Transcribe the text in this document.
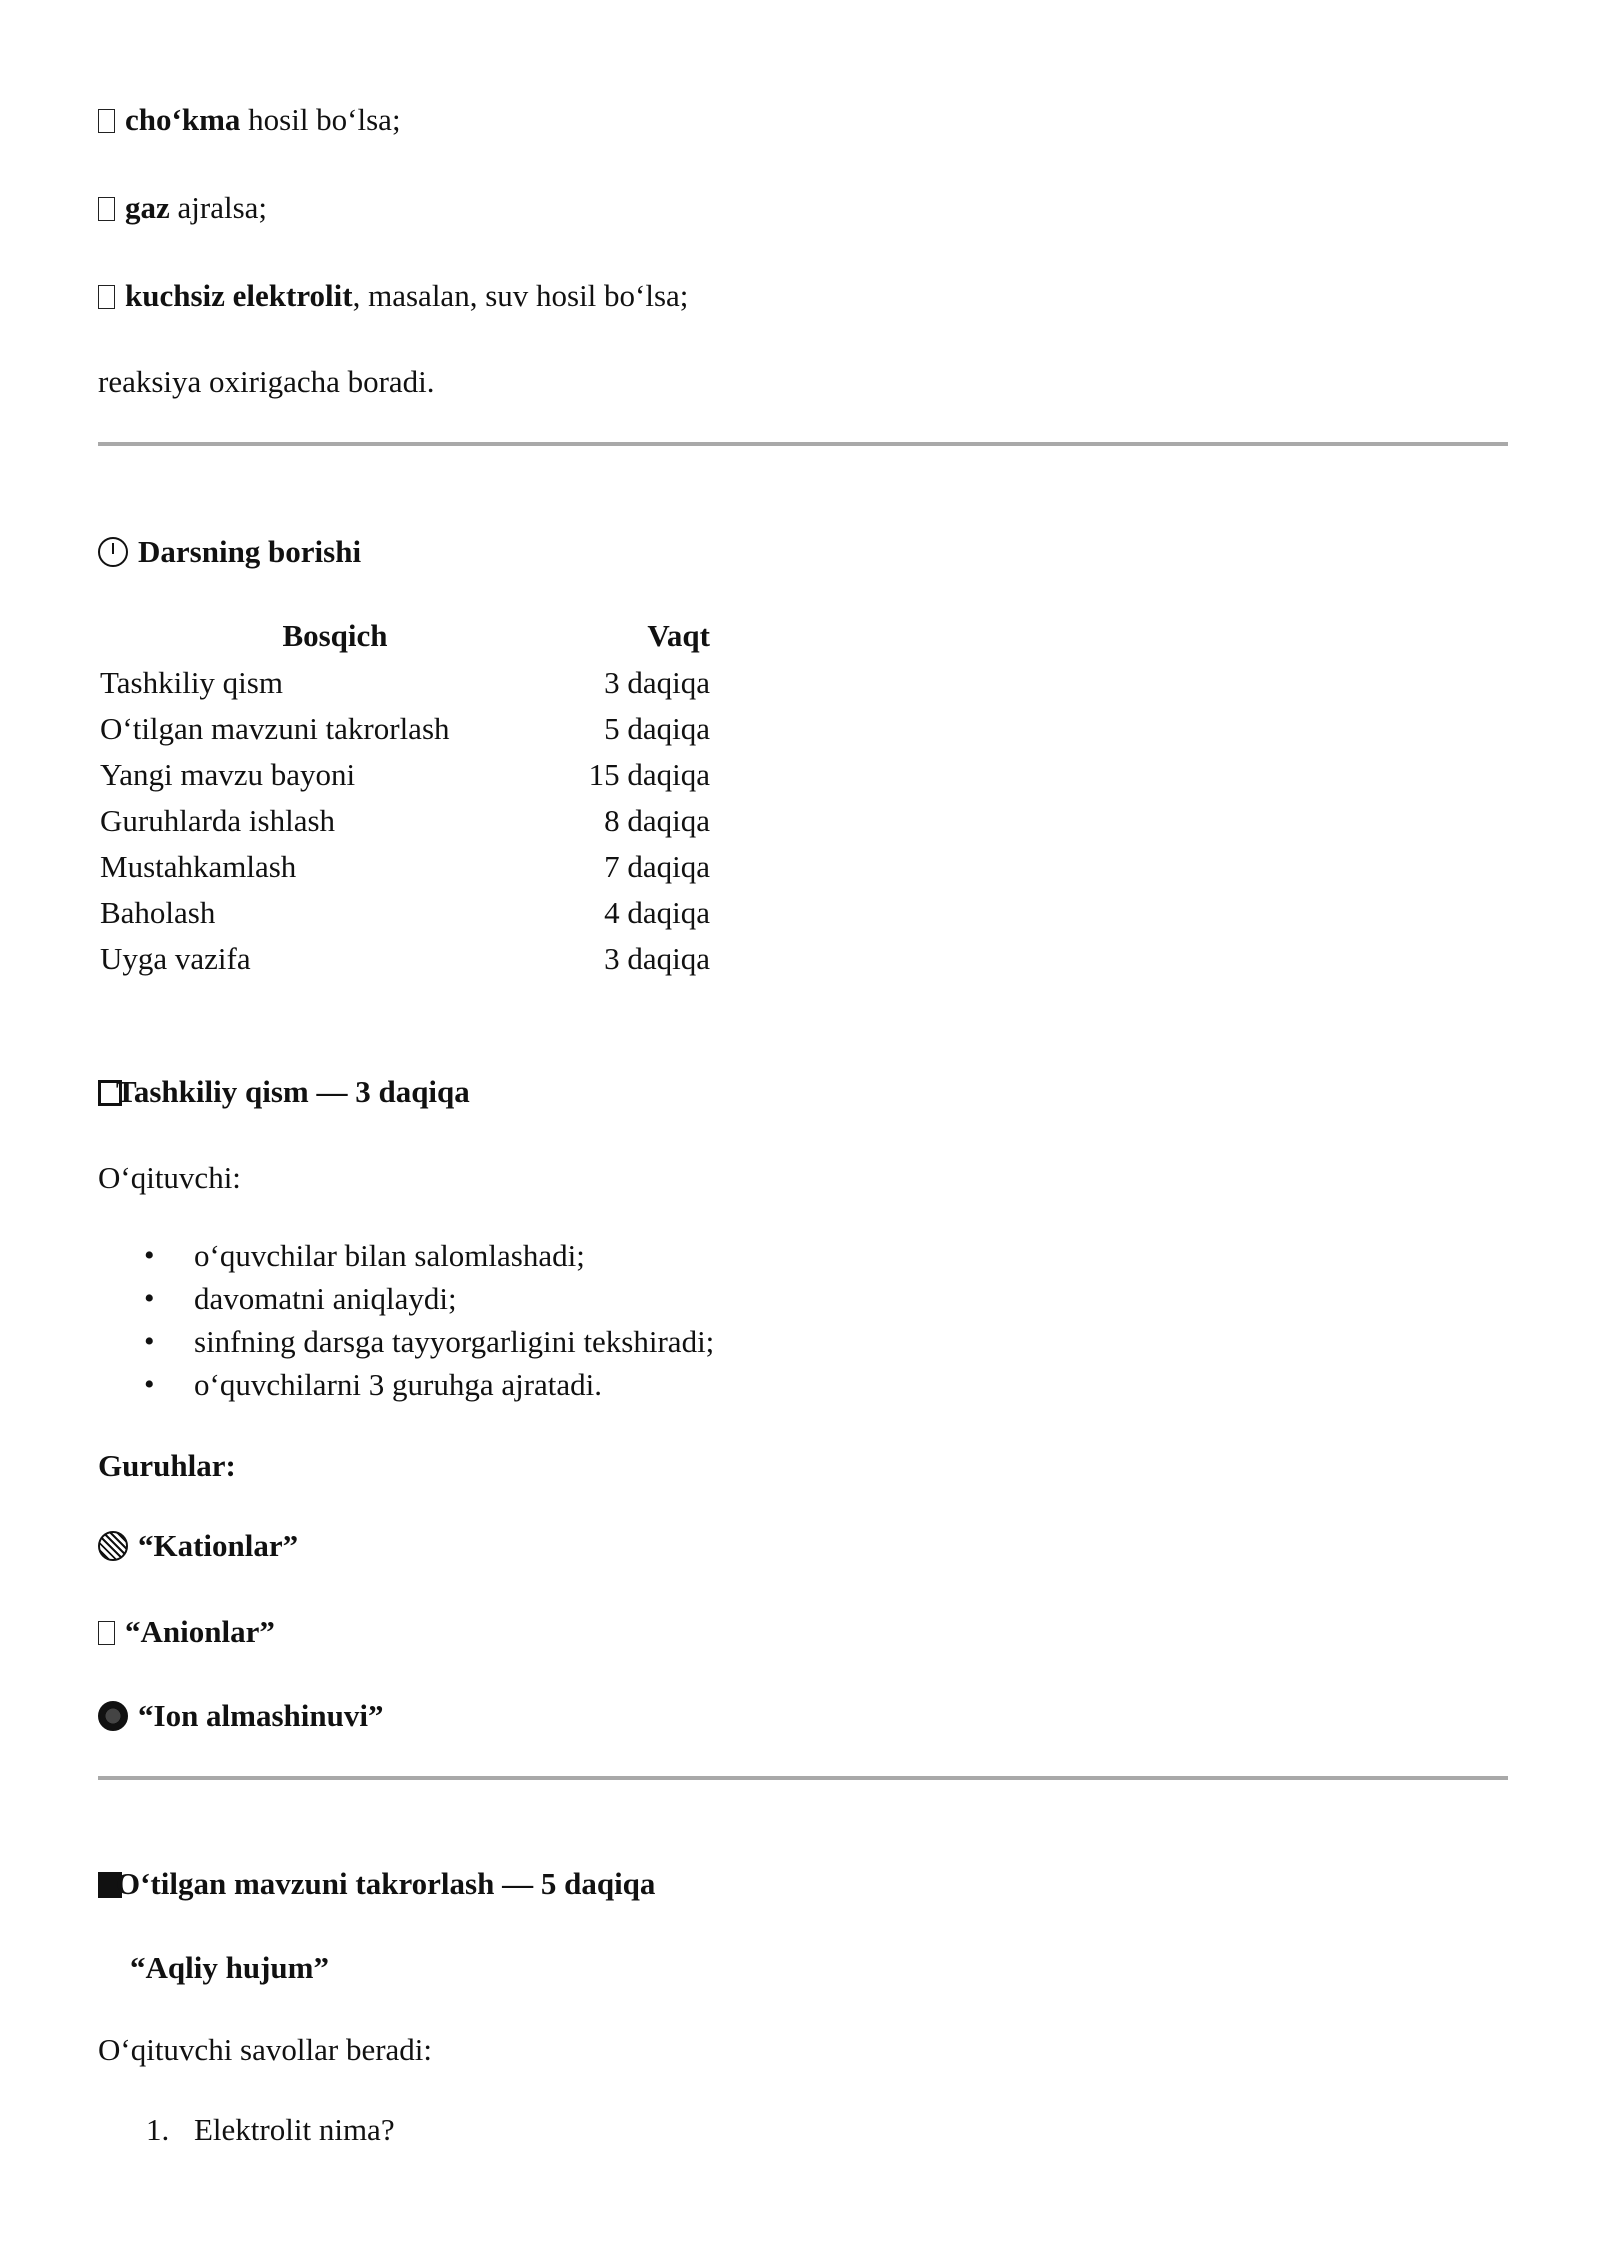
cho‘kma hosil bo‘lsa;
gaz ajralsa;
kuchsiz elektrolit, masalan, suv hosil bo‘lsa;
reaksiya oxirigacha boradi.
Darsning borishi
Bosqich	Vaqt
Tashkiliy qism	3 daqiqa
O‘tilgan mavzuni takrorlash	5 daqiqa
Yangi mavzu bayoni	15 daqiqa
Guruhlarda ishlash	8 daqiqa
Mustahkamlash	7 daqiqa
Baholash	4 daqiqa
Uyga vazifa	3 daqiqa
Tashkiliy qism — 3 daqiqa
O‘qituvchi:
• o‘quvchilar bilan salomlashadi;
• davomatni aniqlaydi;
• sinfning darsga tayyorgarligini tekshiradi;
• o‘quvchilarni 3 guruhga ajratadi.
Guruhlar:
“Kationlar”
“Anionlar”
“Ion almashinuvi”
O‘tilgan mavzuni takrorlash — 5 daqiqa
“Aqliy hujum”
O‘qituvchi savollar beradi:
1. Elektrolit nima?
